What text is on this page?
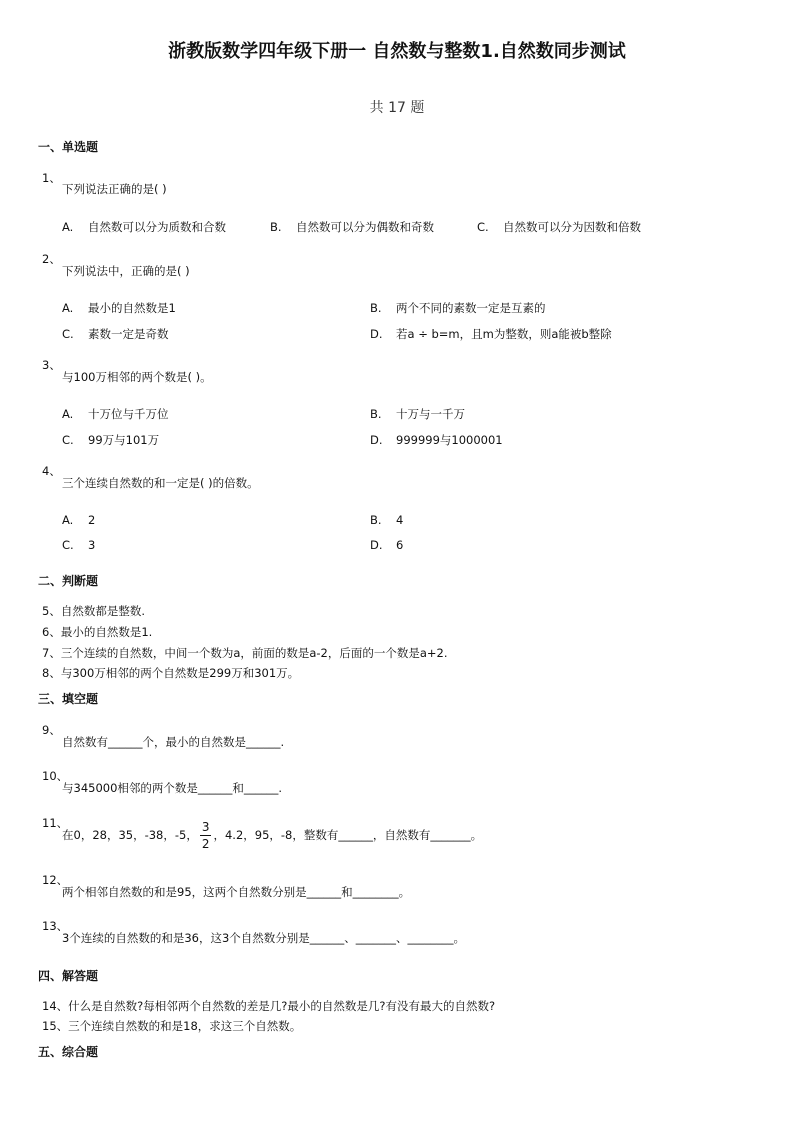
浙教版数学四年级下册一 自然数与整数1.自然数同步测试
共 17 题
一、单选题
1、
下列说法正确的是( )
A. 自然数可以分为质数和合数	B. 自然数可以分为偶数和奇数	C. 自然数可以分为因数和倍数
2、
下列说法中，正确的是( )
A. 最小的自然数是1	B. 两个不同的素数一定是互素的
C. 素数一定是奇数	D. 若a ÷ b=m，且m为整数，则a能被b整除
3、
与100万相邻的两个数是( )。
A. 十万位与千万位	B. 十万与一千万
C. 99万与101万	D. 999999与1000001
4、
三个连续自然数的和一定是( )的倍数。
A. 2	B. 4
C. 3	D. 6
二、判断题
5、自然数都是整数.
6、最小的自然数是1.
7、三个连续的自然数，中间一个数为a，前面的数是a-2，后面的一个数是a+2.
8、与300万相邻的两个自然数是299万和301万。
三、填空题
9、
自然数有______个，最小的自然数是______.
10、
与345000相邻的两个数是______和______.
11、
在0，28，35，-38，-5， $\frac{3}{2}$ ，4.2，95，-8，整数有______，自然数有_______。
12、
两个相邻自然数的和是95，这两个自然数分别是______和________。
13、
3个连续的自然数的和是36，这3个自然数分别是______、_______、________。
四、解答题
14、什么是自然数?每相邻两个自然数的差是几?最小的自然数是几?有没有最大的自然数?
15、三个连续自然数的和是18，求这三个自然数。
五、综合题
